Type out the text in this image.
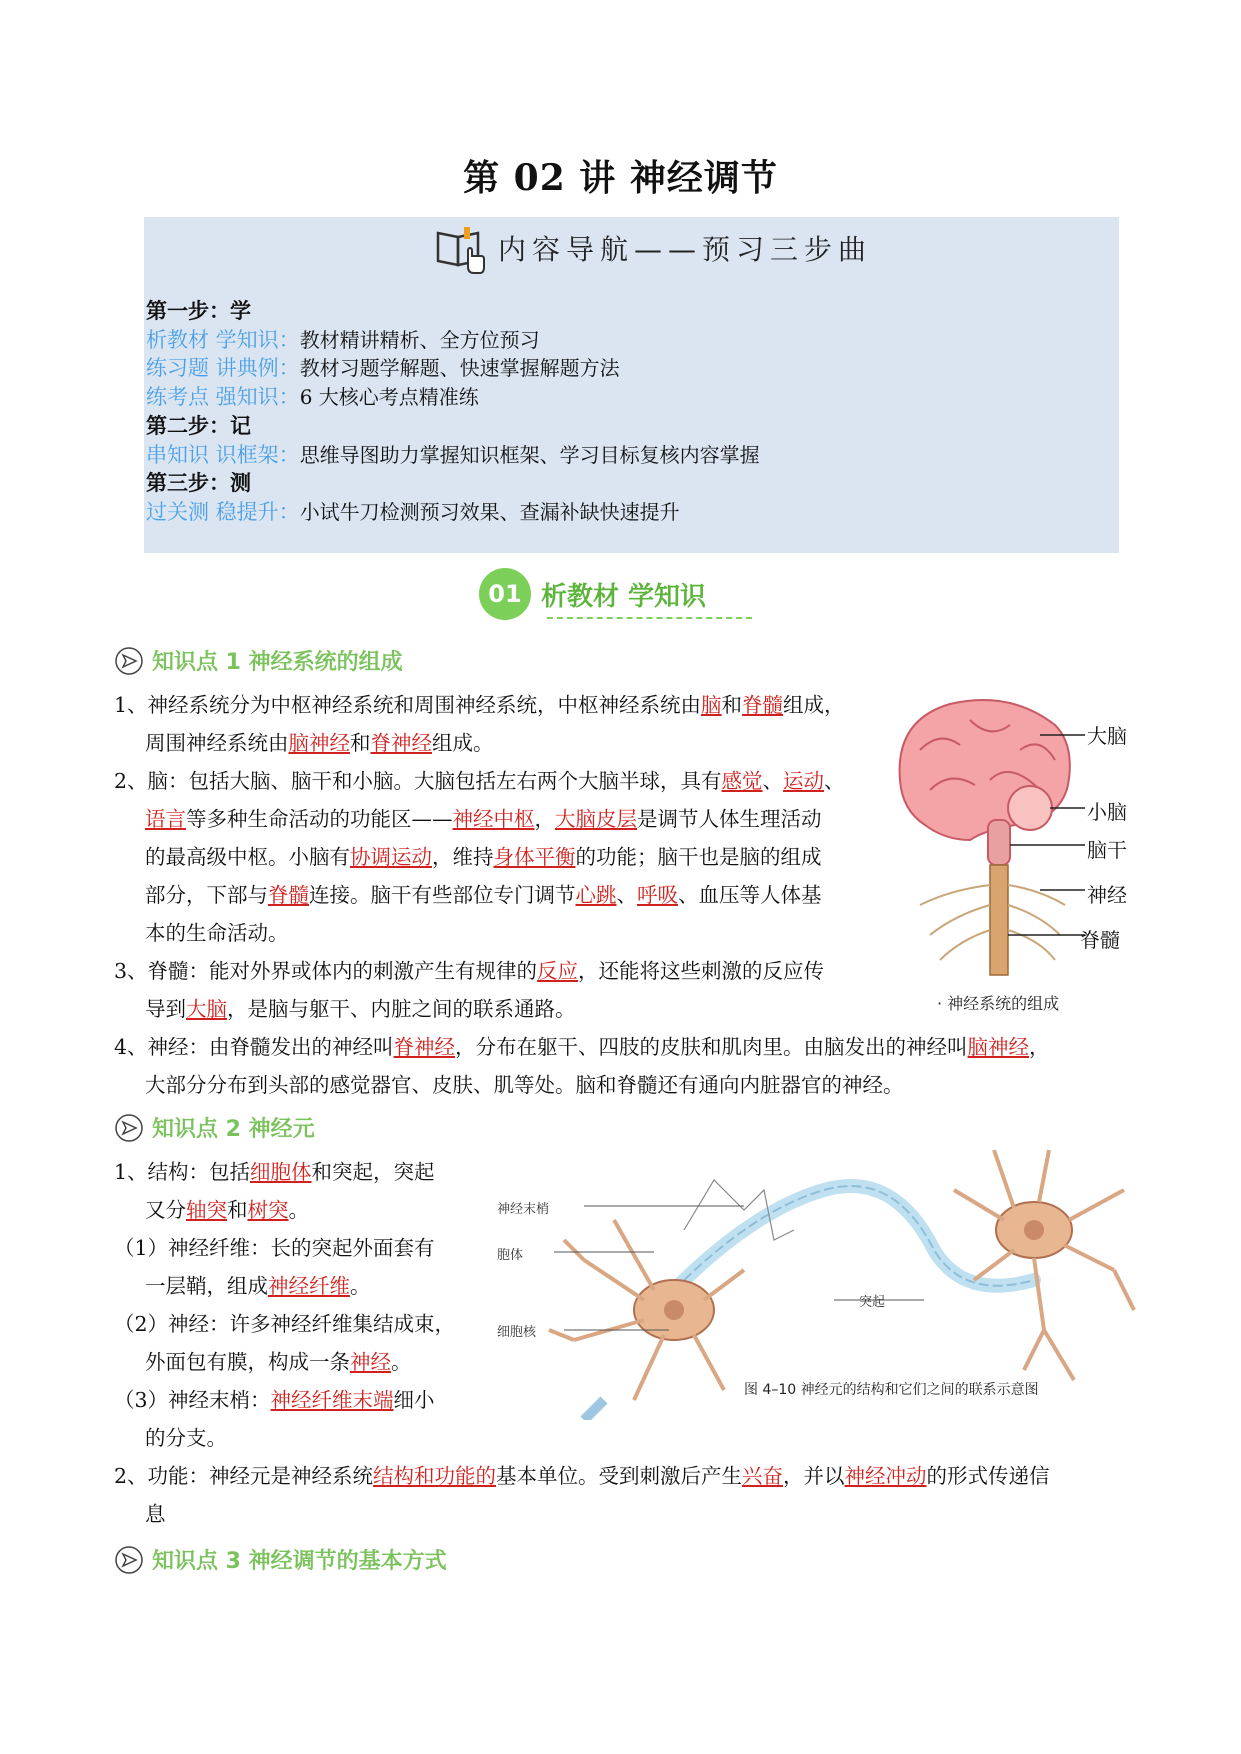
第 02 讲 神经调节
内容导航——预习三步曲
第一步：学
析教材 学知识：教材精讲精析、全方位预习
练习题 讲典例：教材习题学解题、快速掌握解题方法
练考点 强知识：6 大核心考点精准练
第二步：记
串知识 识框架：思维导图助力掌握知识框架、学习目标复核内容掌握
第三步：测
过关测 稳提升：小试牛刀检测预习效果、查漏补缺快速提升
01 析教材 学知识
知识点 1 神经系统的组成
1、神经系统分为中枢神经系统和周围神经系统，中枢神经系统由脑和脊髓组成，
周围神经系统由脑神经和脊神经组成。
2、脑：包括大脑、脑干和小脑。大脑包括左右两个大脑半球，具有感觉、运动、
语言等多种生命活动的功能区——神经中枢，大脑皮层是调节人体生理活动
的最高级中枢。小脑有协调运动，维持身体平衡的功能；脑干也是脑的组成
部分，下部与脊髓连接。脑干有些部位专门调节心跳、呼吸、血压等人体基
本的生命活动。
3、脊髓：能对外界或体内的刺激产生有规律的反应，还能将这些刺激的反应传
导到大脑，是脑与躯干、内脏之间的联系通路。
4、神经：由脊髓发出的神经叫脊神经，分布在躯干、四肢的皮肤和肌肉里。由脑发出的神经叫脑神经，
大部分分布到头部的感觉器官、皮肤、肌等处。脑和脊髓还有通向内脏器官的神经。
大脑
小脑
脑干
神经
脊髓
· 神经系统的组成
知识点 2 神经元
1、结构：包括细胞体和突起，突起
又分轴突和树突。
（1）神经纤维：长的突起外面套有
一层鞘，组成神经纤维。
（2）神经：许多神经纤维集结成束，
外面包有膜，构成一条神经。
（3）神经末梢：神经纤维末端细小
的分支。
2、功能：神经元是神经系统结构和功能的基本单位。受到刺激后产生兴奋，并以神经冲动的形式传递信
息
神经末梢
胞体
突起
细胞核
图 4–10 神经元的结构和它们之间的联系示意图
知识点 3 神经调节的基本方式
